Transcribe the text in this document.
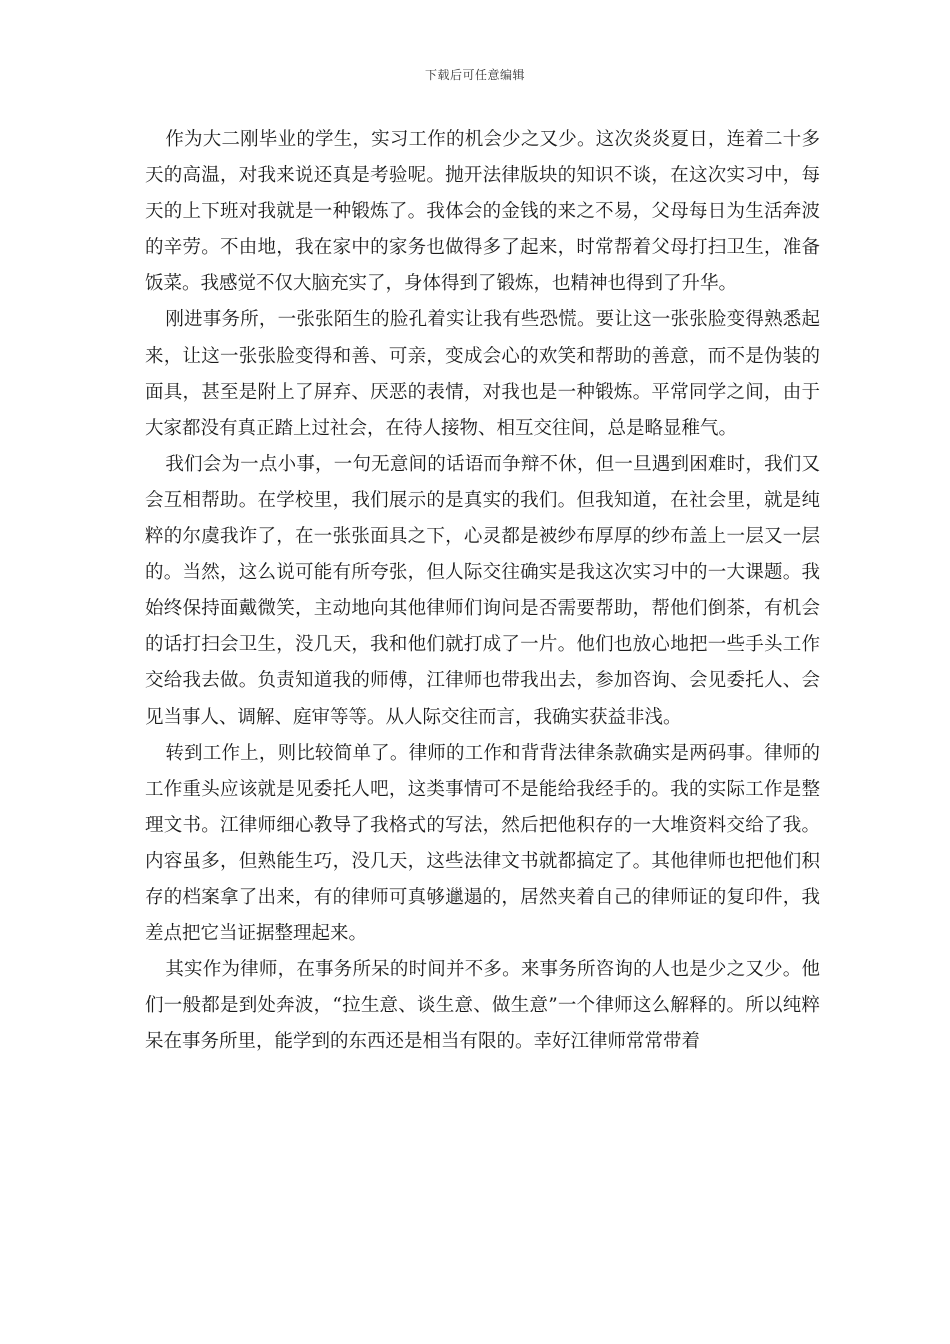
下载后可任意编辑

作为大二刚毕业的学生，实习工作的机会少之又少。这次炎炎夏日，连着二十多天的高温，对我来说还真是考验呢。抛开法律版块的知识不谈，在这次实习中，每天的上下班对我就是一种锻炼了。我体会的金钱的来之不易，父母每日为生活奔波的辛劳。不由地，我在家中的家务也做得多了起来，时常帮着父母打扫卫生，准备饭菜。我感觉不仅大脑充实了，身体得到了锻炼，也精神也得到了升华。

刚进事务所，一张张陌生的脸孔着实让我有些恐慌。要让这一张张脸变得熟悉起来，让这一张张脸变得和善、可亲，变成会心的欢笑和帮助的善意，而不是伪装的面具，甚至是附上了屏弃、厌恶的表情，对我也是一种锻炼。平常同学之间，由于大家都没有真正踏上过社会，在待人接物、相互交往间，总是略显稚气。

我们会为一点小事，一句无意间的话语而争辩不休，但一旦遇到困难时，我们又会互相帮助。在学校里，我们展示的是真实的我们。但我知道，在社会里，就是纯粹的尔虞我诈了，在一张张面具之下，心灵都是被纱布厚厚的纱布盖上一层又一层的。当然，这么说可能有所夸张，但人际交往确实是我这次实习中的一大课题。我始终保持面戴微笑，主动地向其他律师们询问是否需要帮助，帮他们倒茶，有机会的话打扫会卫生，没几天，我和他们就打成了一片。他们也放心地把一些手头工作交给我去做。负责知道我的师傅，江律师也带我出去，参加咨询、会见委托人、会见当事人、调解、庭审等等。从人际交往而言，我确实获益非浅。

转到工作上，则比较简单了。律师的工作和背背法律条款确实是两码事。律师的工作重头应该就是见委托人吧，这类事情可不是能给我经手的。我的实际工作是整理文书。江律师细心教导了我格式的写法，然后把他积存的一大堆资料交给了我。内容虽多，但熟能生巧，没几天，这些法律文书就都搞定了。其他律师也把他们积存的档案拿了出来，有的律师可真够邋遢的，居然夹着自己的律师证的复印件，我差点把它当证据整理起来。

其实作为律师，在事务所呆的时间并不多。来事务所咨询的人也是少之又少。他们一般都是到处奔波，“拉生意、谈生意、做生意”一个律师这么解释的。所以纯粹呆在事务所里，能学到的东西还是相当有限的。幸好江律师常常带着
